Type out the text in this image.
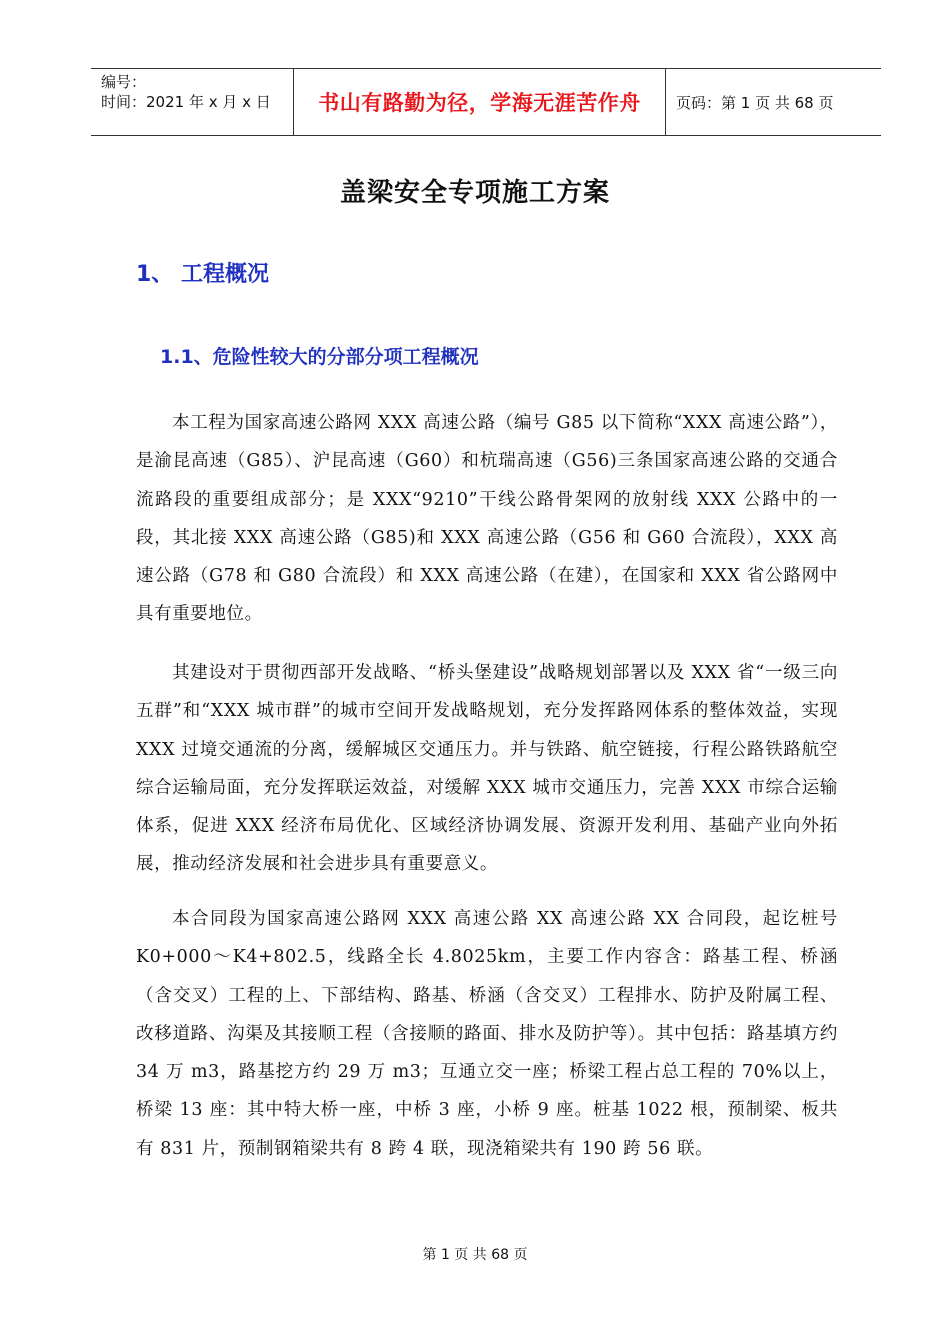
编号：
时间：2021 年 x 月 x 日	书山有路勤为径，学海无涯苦作舟	页码：第 1 页 共 68 页
盖梁安全专项施工方案
1、 工程概况
1.1、危险性较大的分部分项工程概况
本工程为国家高速公路网 XXX 高速公路（编号 G85 以下简称“XXX 高速公路”），是渝昆高速（G85）、沪昆高速（G60）和杭瑞高速（G56)三条国家高速公路的交通合流路段的重要组成部分；是 XXX“9210”干线公路骨架网的放射线 XXX 公路中的一段，其北接 XXX 高速公路（G85)和 XXX 高速公路（G56 和 G60 合流段），XXX 高速公路（G78 和 G80 合流段）和 XXX 高速公路（在建），在国家和 XXX 省公路网中具有重要地位。
其建设对于贯彻西部开发战略、“桥头堡建设”战略规划部署以及 XXX 省“一级三向五群”和“XXX 城市群”的城市空间开发战略规划，充分发挥路网体系的整体效益，实现 XXX 过境交通流的分离，缓解城区交通压力。并与铁路、航空链接，行程公路铁路航空综合运输局面，充分发挥联运效益，对缓解 XXX 城市交通压力，完善 XXX 市综合运输体系，促进 XXX 经济布局优化、区域经济协调发展、资源开发利用、基础产业向外拓展，推动经济发展和社会进步具有重要意义。
本合同段为国家高速公路网 XXX 高速公路 XX 高速公路 XX 合同段，起讫桩号 K0+000～K4+802.5，线路全长 4.8025km，主要工作内容含：路基工程、桥涵（含交叉）工程的上、下部结构、路基、桥涵（含交叉）工程排水、防护及附属工程、改移道路、沟渠及其接顺工程（含接顺的路面、排水及防护等）。其中包括：路基填方约 34 万 m3，路基挖方约 29 万 m3；互通立交一座；桥梁工程占总工程的 70%以上，桥梁 13 座：其中特大桥一座，中桥 3 座，小桥 9 座。桩基 1022 根，预制梁、板共有 831 片，预制钢箱梁共有 8 跨 4 联，现浇箱梁共有 190 跨 56 联。
第 1 页 共 68 页
